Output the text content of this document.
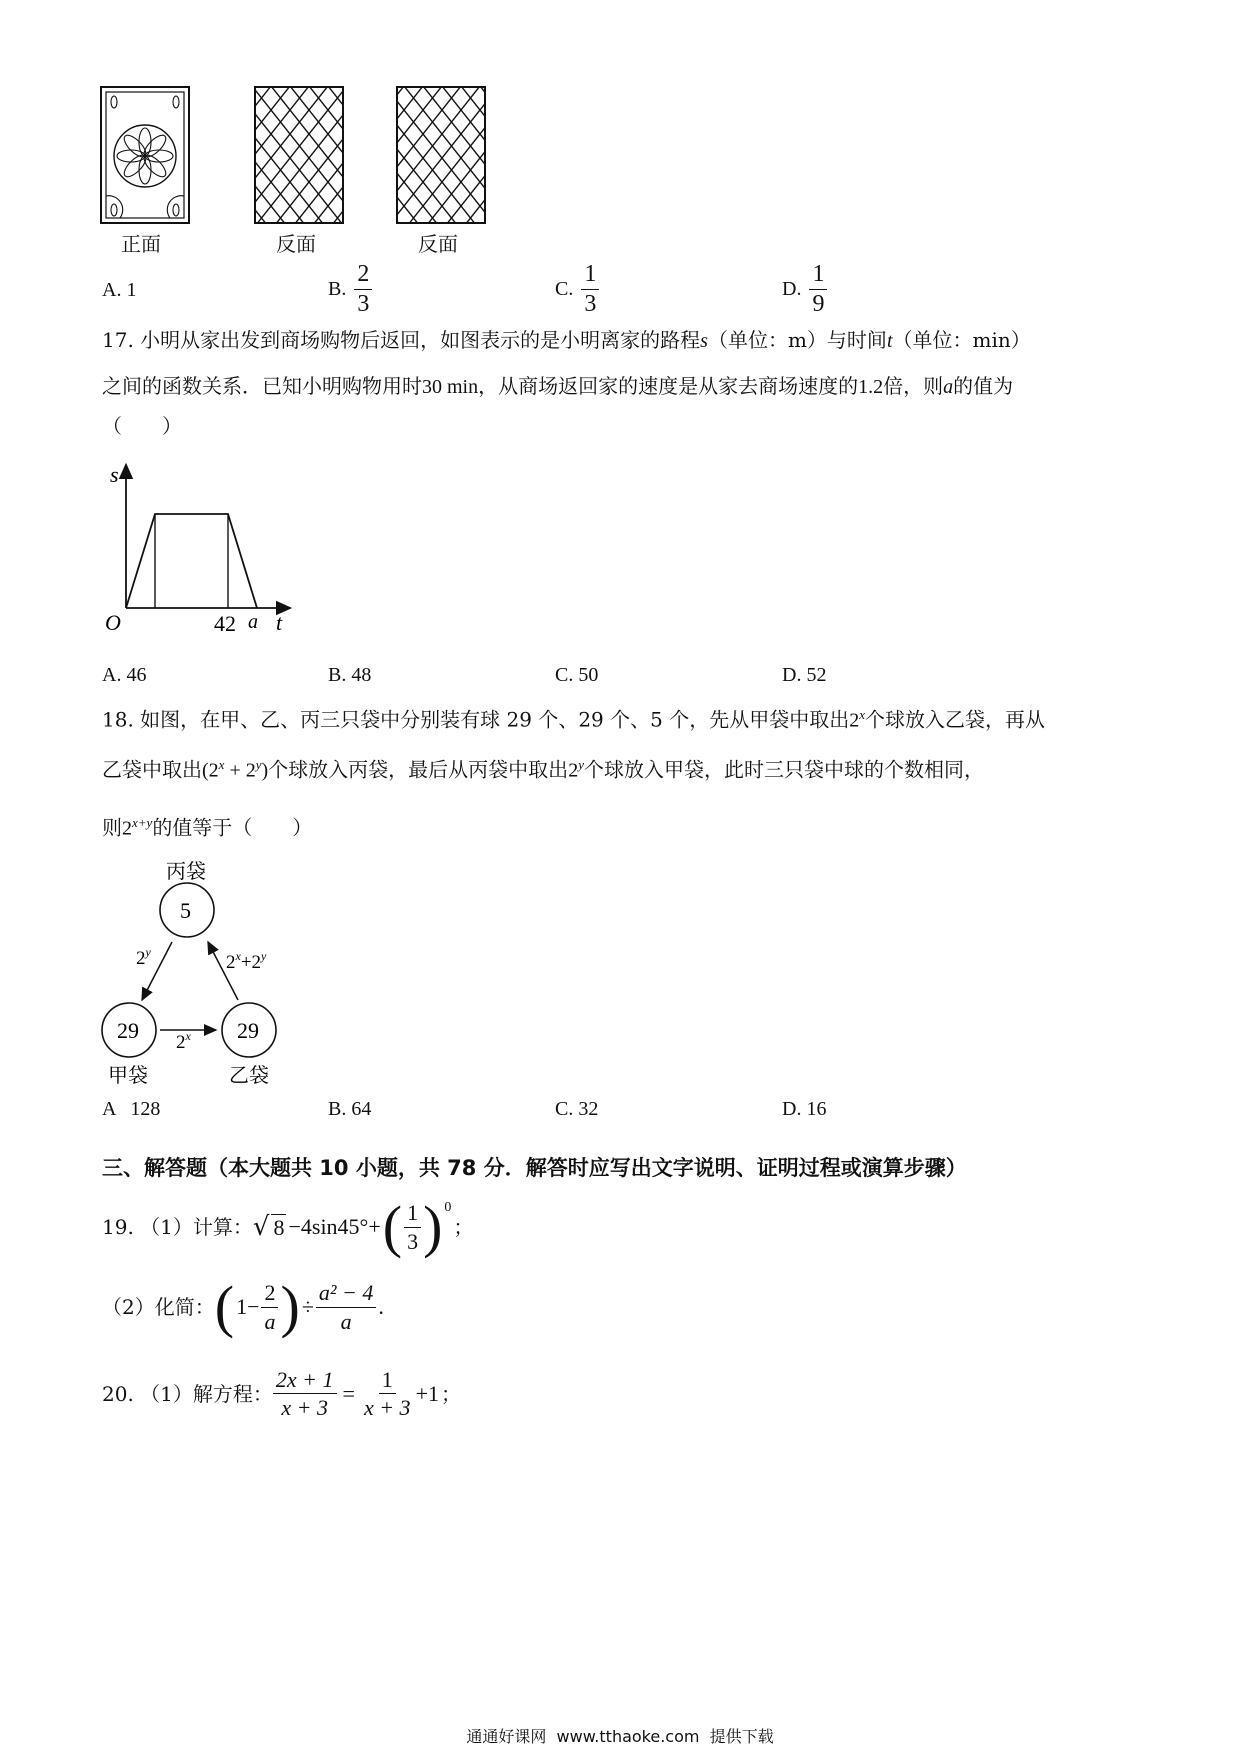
正面	反面	反面
A. 1	B. $\frac{2}{3}$	C. $\frac{1}{3}$	D. $\frac{1}{9}$
17. 小明从家出发到商场购物后返回，如图表示的是小明离家的路程s（单位：m）与时间t（单位：min）
之间的函数关系．已知小明购物用时30 min，从商场返回家的速度是从家去商场速度的1.2倍，则a的值为
（　　）
s
t
O	42 a
A. 46	B. 48	C. 50	D. 52
18. 如图，在甲、乙、丙三只袋中分别装有球 29 个、29 个、5 个，先从甲袋中取出2$^x$个球放入乙袋，再从
乙袋中取出$(2^x + 2^y)$个球放入丙袋，最后从丙袋中取出2$^y$个球放入甲袋，此时三只袋中球的个数相同，
则$2^{x+y}$的值等于（　　）
丙袋
5
29	29
甲袋	乙袋
2$^y$
2$^x$
$2^x+2^y$
A   128	B. 64	C. 32	D. 16
三、解答题（本大题共 10 小题，共 78 分．解答时应写出文字说明、证明过程或演算步骤）
19. （1）计算： √ 8 −4sin45°+ ( $\frac{1}{3}$ ) 0
；
（2）化简： ( $1- \frac{2}{a}$ ) ÷ $\frac{\text{a² − 4}}{a}$ .
20. （1）解方程： $\frac{2x + 1}{x + 3} = \frac{1}{x + 3} +1$ ；
通通好课网  www.tthaoke.com  提供下载
